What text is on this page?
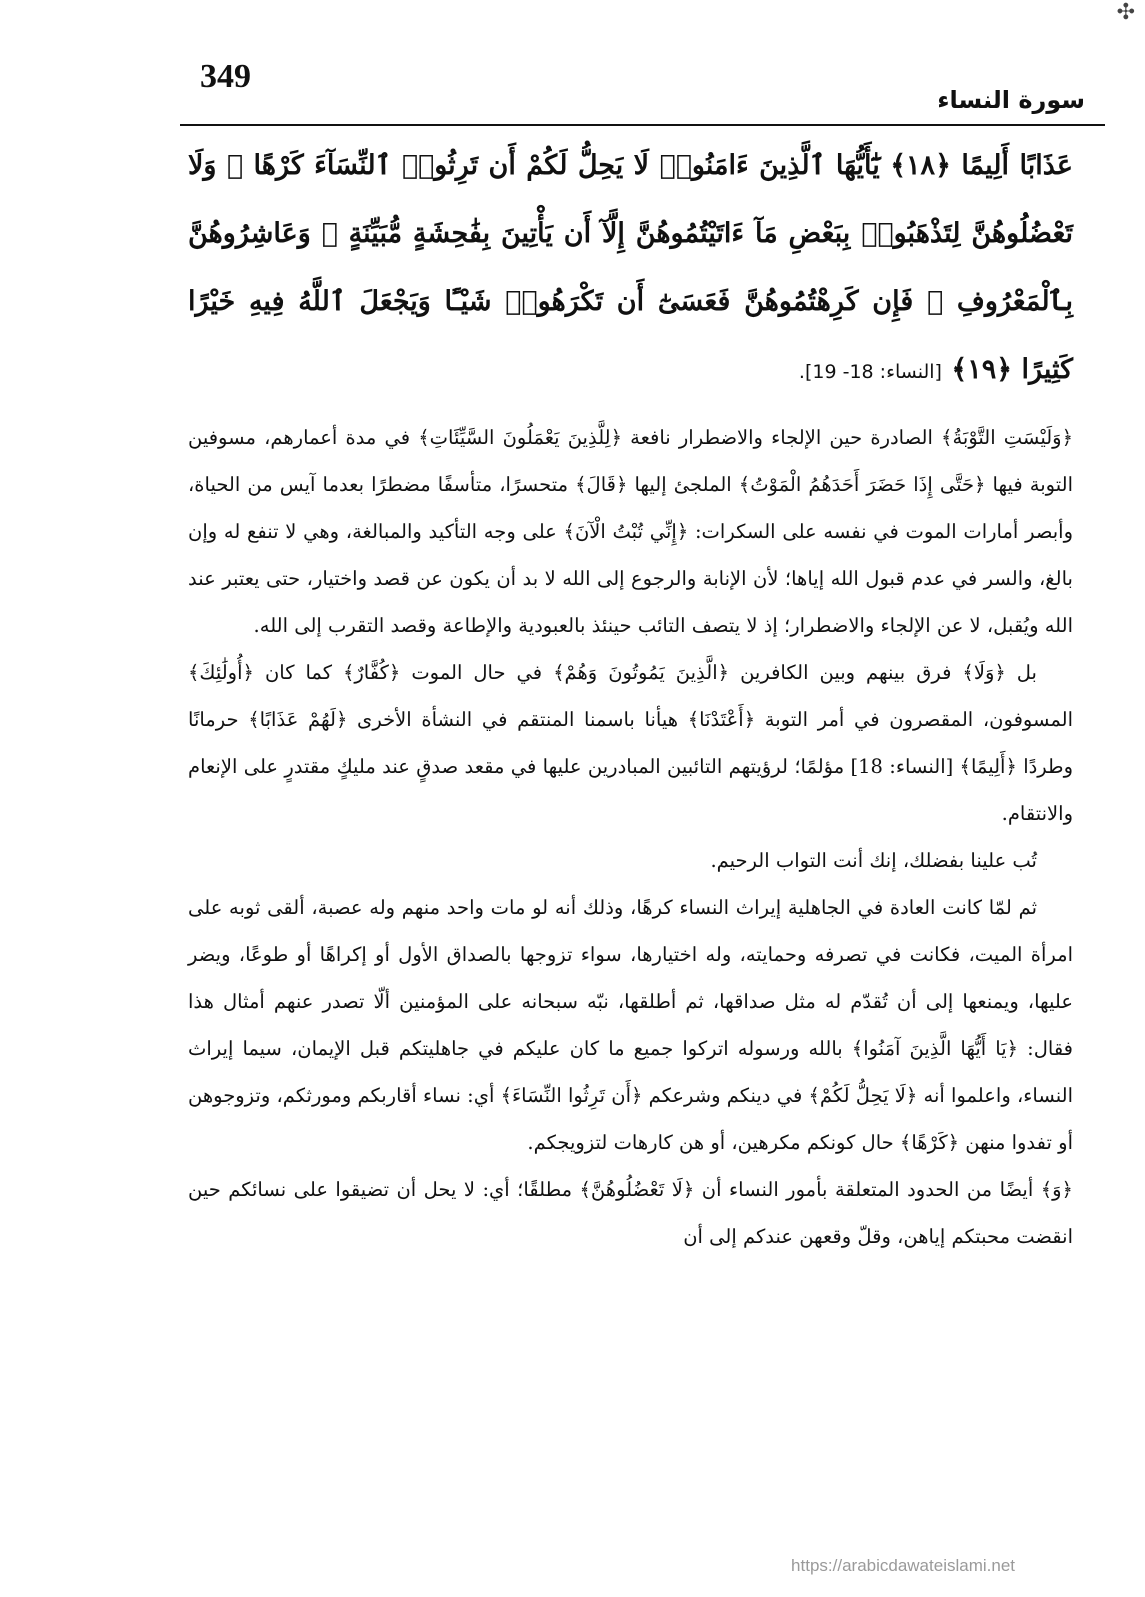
✣
349
سورة النساء

عَذَابًا أَلِيمًا ﴿١٨﴾ يَٰٓأَيُّهَا ٱلَّذِينَ ءَامَنُوا۟ لَا يَحِلُّ لَكُمْ أَن تَرِثُوا۟ ٱلنِّسَآءَ كَرْهًا ۖ وَلَا تَعْضُلُوهُنَّ لِتَذْهَبُوا۟ بِبَعْضِ مَآ ءَاتَيْتُمُوهُنَّ إِلَّآ أَن يَأْتِينَ بِفَٰحِشَةٍ مُّبَيِّنَةٍ ۚ وَعَاشِرُوهُنَّ بِٱلْمَعْرُوفِ ۚ فَإِن كَرِهْتُمُوهُنَّ فَعَسَىٰٓ أَن تَكْرَهُوا۟ شَيْـًٔا وَيَجْعَلَ ٱللَّهُ فِيهِ خَيْرًا كَثِيرًا ﴿١٩﴾ [النساء: 18- 19].

﴿وَلَيْسَتِ التَّوْبَةُ﴾ الصادرة حين الإلجاء والاضطرار نافعة ﴿لِلَّذِينَ يَعْمَلُونَ السَّيِّئَاتِ﴾ في مدة أعمارهم، مسوفين التوبة فيها ﴿حَتَّى إِذَا حَضَرَ أَحَدَهُمُ الْمَوْتُ﴾ الملجئ إليها ﴿قَالَ﴾ متحسرًا، متأسفًا مضطرًا بعدما آيس من الحياة، وأبصر أمارات الموت في نفسه على السكرات: ﴿إِنِّي تُبْتُ الْآنَ﴾ على وجه التأكيد والمبالغة، وهي لا تنفع له وإن بالغ، والسر في عدم قبول الله إياها؛ لأن الإنابة والرجوع إلى الله لا بد أن يكون عن قصد واختيار، حتى يعتبر عند الله ويُقبل، لا عن الإلجاء والاضطرار؛ إذ لا يتصف التائب حينئذ بالعبودية والإطاعة وقصد التقرب إلى الله.

بل ﴿وَلَا﴾ فرق بينهم وبين الكافرين ﴿الَّذِينَ يَمُوتُونَ وَهُمْ﴾ في حال الموت ﴿كُفَّارٌ﴾ كما كان ﴿أُولَٰئِكَ﴾ المسوفون، المقصرون في أمر التوبة ﴿أَعْتَدْنَا﴾ هيأنا باسمنا المنتقم في النشأة الأخرى ﴿لَهُمْ عَذَابًا﴾ حرمانًا وطردًا ﴿أَلِيمًا﴾ [النساء: 18] مؤلمًا؛ لرؤيتهم التائبين المبادرين عليها في مقعد صدقٍ عند مليكٍ مقتدرٍ على الإنعام والانتقام.

تُب علينا بفضلك، إنك أنت التواب الرحيم.

ثم لمّا كانت العادة في الجاهلية إيراث النساء كرهًا، وذلك أنه لو مات واحد منهم وله عصبة، ألقى ثوبه على امرأة الميت، فكانت في تصرفه وحمايته، وله اختيارها، سواء تزوجها بالصداق الأول أو إكراهًا أو طوعًا، ويضر عليها، ويمنعها إلى أن تُقدّم له مثل صداقها، ثم أطلقها، نبّه سبحانه على المؤمنين ألّا تصدر عنهم أمثال هذا فقال: ﴿يَا أَيُّهَا الَّذِينَ آمَنُوا﴾ بالله ورسوله اتركوا جميع ما كان عليكم في جاهليتكم قبل الإيمان، سيما إيراث النساء، واعلموا أنه ﴿لَا يَحِلُّ لَكُمْ﴾ في دينكم وشرعكم ﴿أَن تَرِثُوا النِّسَاءَ﴾ أي: نساء أقاربكم ومورثكم، وتزوجوهن أو تفدوا منهن ﴿كَرْهًا﴾ حال كونكم مكرهين، أو هن كارهات لتزويجكم.

﴿وَ﴾ أيضًا من الحدود المتعلقة بأمور النساء أن ﴿لَا تَعْضُلُوهُنَّ﴾ مطلقًا؛ أي: لا يحل أن تضيقوا على نسائكم حين انقضت محبتكم إياهن، وقلّ وقعهن عندكم إلى أن

https://arabicdawateislami.net
